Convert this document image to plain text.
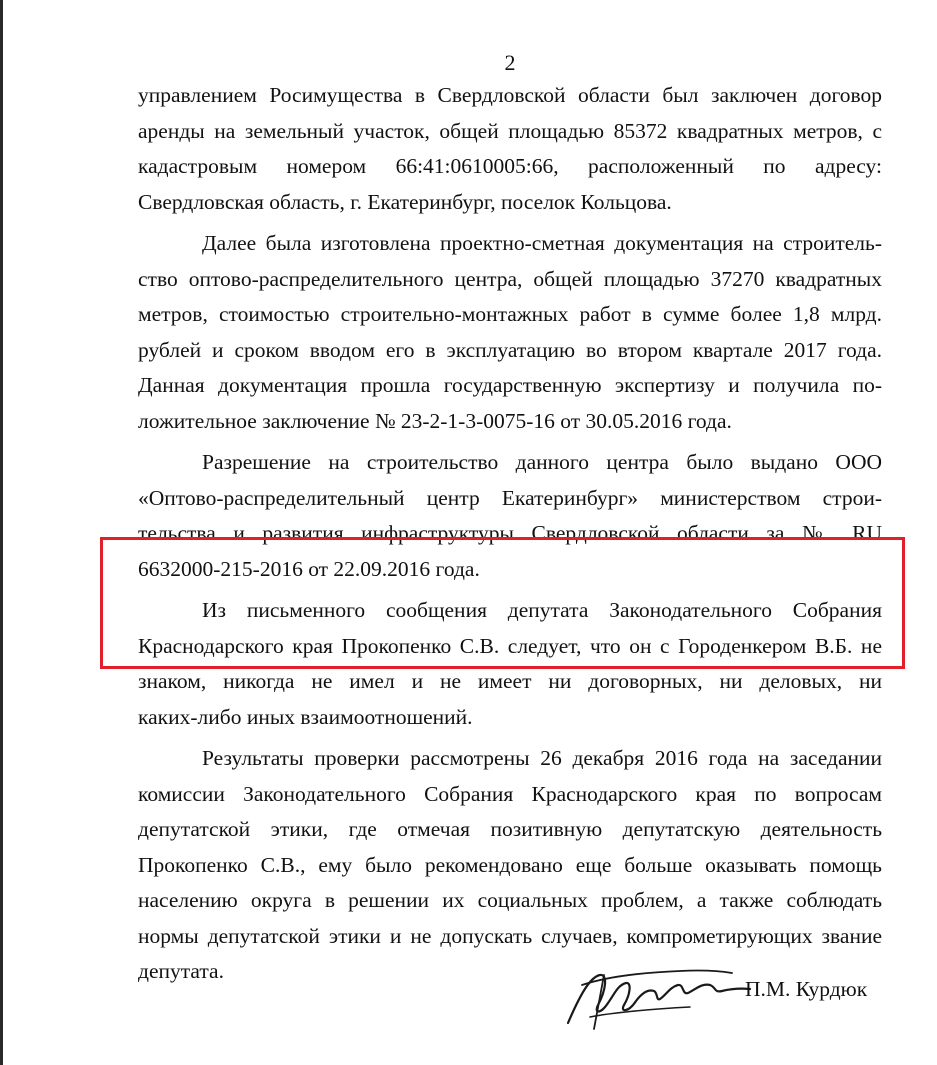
2
управлением Росимущества в Свердловской области был заключен договор
аренды на земельный участок, общей площадью 85372 квадратных метров, с
кадастровым номером 66:41:0610005:66, расположенный по адресу:
Свердловская область, г. Екатеринбург, поселок Кольцова.
Далее была изготовлена проектно-сметная документация на строитель-
ство оптово-распределительного центра, общей площадью 37270 квадратных
метров, стоимостью строительно-монтажных работ в сумме более 1,8 млрд.
рублей и сроком вводом его в эксплуатацию во втором квартале 2017 года.
Данная документация прошла государственную экспертизу и получила по-
ложительное заключение № 23-2-1-3-0075-16 от 30.05.2016 года.
Разрешение на строительство данного центра было выдано ООО
«Оптово-распределительный центр Екатеринбург» министерством строи-
тельства и развития инфраструктуры Свердловской области за № RU
6632000-215-2016 от 22.09.2016 года.
Из письменного сообщения депутата Законодательного Собрания
Краснодарского края Прокопенко С.В. следует, что он с Городенкером В.Б. не
знаком, никогда не имел и не имеет ни договорных, ни деловых, ни
каких-либо иных взаимоотношений.
Результаты проверки рассмотрены 26 декабря 2016 года на заседании
комиссии Законодательного Собрания Краснодарского края по вопросам
депутатской этики, где отмечая позитивную депутатскую деятельность
Прокопенко С.В., ему было рекомендовано еще больше оказывать помощь
населению округа в решении их социальных проблем, а также соблюдать
нормы депутатской этики и не допускать случаев, компрометирующих звание
депутата.
П.М. Курдюк
